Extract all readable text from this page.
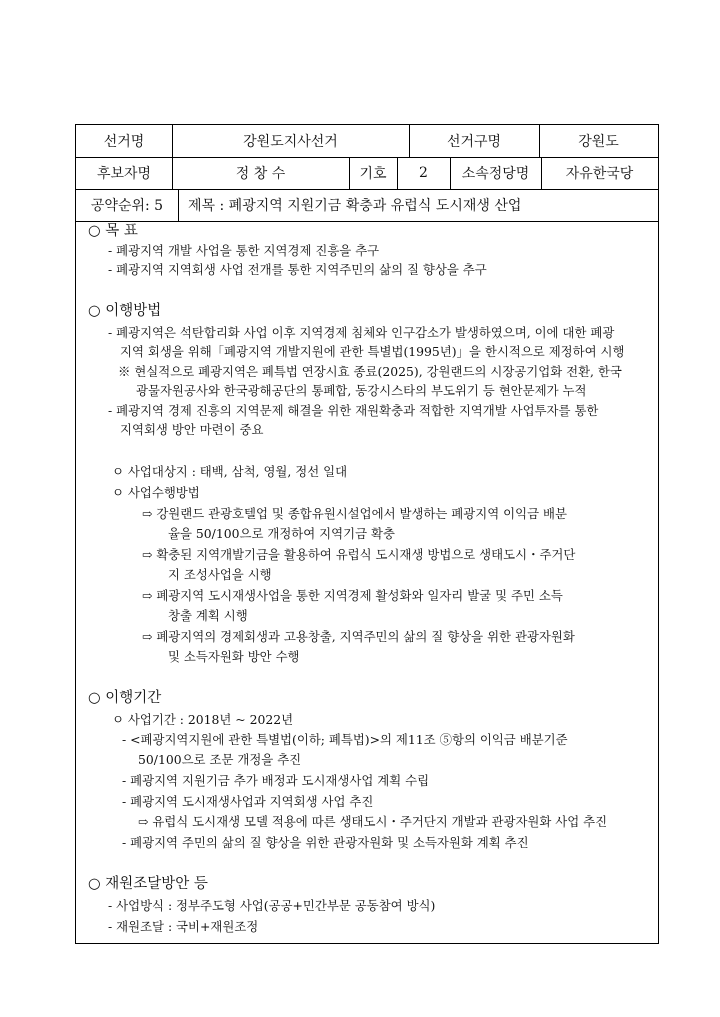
선거명	강원도지사선거	선거구명	강원도
후보자명	정 창 수	기호	2	소속정당명	자유한국당
공약순위: 5	제목 : 폐광지역 지원기금 확충과 유럽식 도시재생 산업
○ 목 표
- 폐광지역 개발 사업을 통한 지역경제 진흥을 추구
- 폐광지역 지역회생 사업 전개를 통한 지역주민의 삶의 질 향상을 추구
○ 이행방법
- 폐광지역은 석탄합리화 사업 이후 지역경제 침체와 인구감소가 발생하였으며, 이에 대한 폐광
지역 회생을 위해「폐광지역 개발지원에 관한 특별법(1995년)」을 한시적으로 제정하여 시행
※ 현실적으로 폐광지역은 폐특법 연장시효 종료(2025), 강원랜드의 시장공기업화 전환, 한국
광물자원공사와 한국광해공단의 통폐합, 동강시스타의 부도위기 등 현안문제가 누적
- 폐광지역 경제 진흥의 지역문제 해결을 위한 재원확충과 적합한 지역개발 사업투자를 통한
지역회생 방안 마련이 중요
ㅇ 사업대상지 : 태백, 삼척, 영월, 정선 일대
ㅇ 사업수행방법
⇨ 강원랜드 관광호텔업 및 종합유원시설업에서 발생하는 폐광지역 이익금 배분
율을 50/100으로 개정하여 지역기금 확충
⇨ 확충된 지역개발기금을 활용하여 유럽식 도시재생 방법으로 생태도시・주거단
지 조성사업을 시행
⇨ 폐광지역 도시재생사업을 통한 지역경제 활성화와 일자리 발굴 및 주민 소득
창출 계획 시행
⇨ 폐광지역의 경제회생과 고용창출, 지역주민의 삶의 질 향상을 위한 관광자원화
및 소득자원화 방안 수행
○ 이행기간
ㅇ 사업기간 : 2018년 ~ 2022년
- <폐광지역지원에 관한 특별법(이하; 폐특법)>의 제11조 ⑤항의 이익금 배분기준
50/100으로 조문 개정을 추진
- 폐광지역 지원기금 추가 배정과 도시재생사업 계획 수립
- 폐광지역 도시재생사업과 지역회생 사업 추진
⇨ 유럽식 도시재생 모델 적용에 따른 생태도시・주거단지 개발과 관광자원화 사업 추진
- 폐광지역 주민의 삶의 질 향상을 위한 관광자원화 및 소득자원화 계획 추진
○ 재원조달방안 등
- 사업방식 : 정부주도형 사업(공공+민간부문 공동참여 방식)
- 재원조달 : 국비+재원조정
